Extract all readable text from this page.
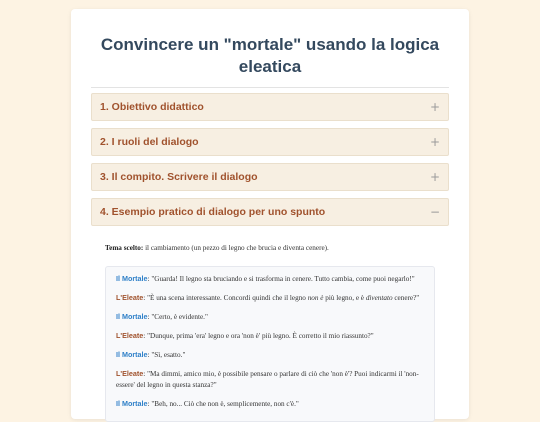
Convincere un "mortale" usando la logica eleatica
1. Obiettivo didattico	+
2. I ruoli del dialogo	+
3. Il compito. Scrivere il dialogo	+
4. Esempio pratico di dialogo per uno spunto	−
Tema scelto: il cambiamento (un pezzo di legno che brucia e diventa cenere).
Il Mortale: "Guarda! Il legno sta bruciando e si trasforma in cenere. Tutto cambia, come puoi negarlo!"
L'Eleate: "È una scena interessante. Concordi quindi che il legno non è più legno, e è diventato cenere?"
Il Mortale: "Certo, è evidente."
L'Eleate: "Dunque, prima 'era' legno e ora 'non è' più legno. È corretto il mio riassunto?"
Il Mortale: "Sì, esatto."
L'Eleate: "Ma dimmi, amico mio, è possibile pensare o parlare di ciò che 'non è'? Puoi indicarmi il 'non-essere' del legno in questa stanza?"
Il Mortale: "Beh, no... Ciò che non è, semplicemente, non c'è."
